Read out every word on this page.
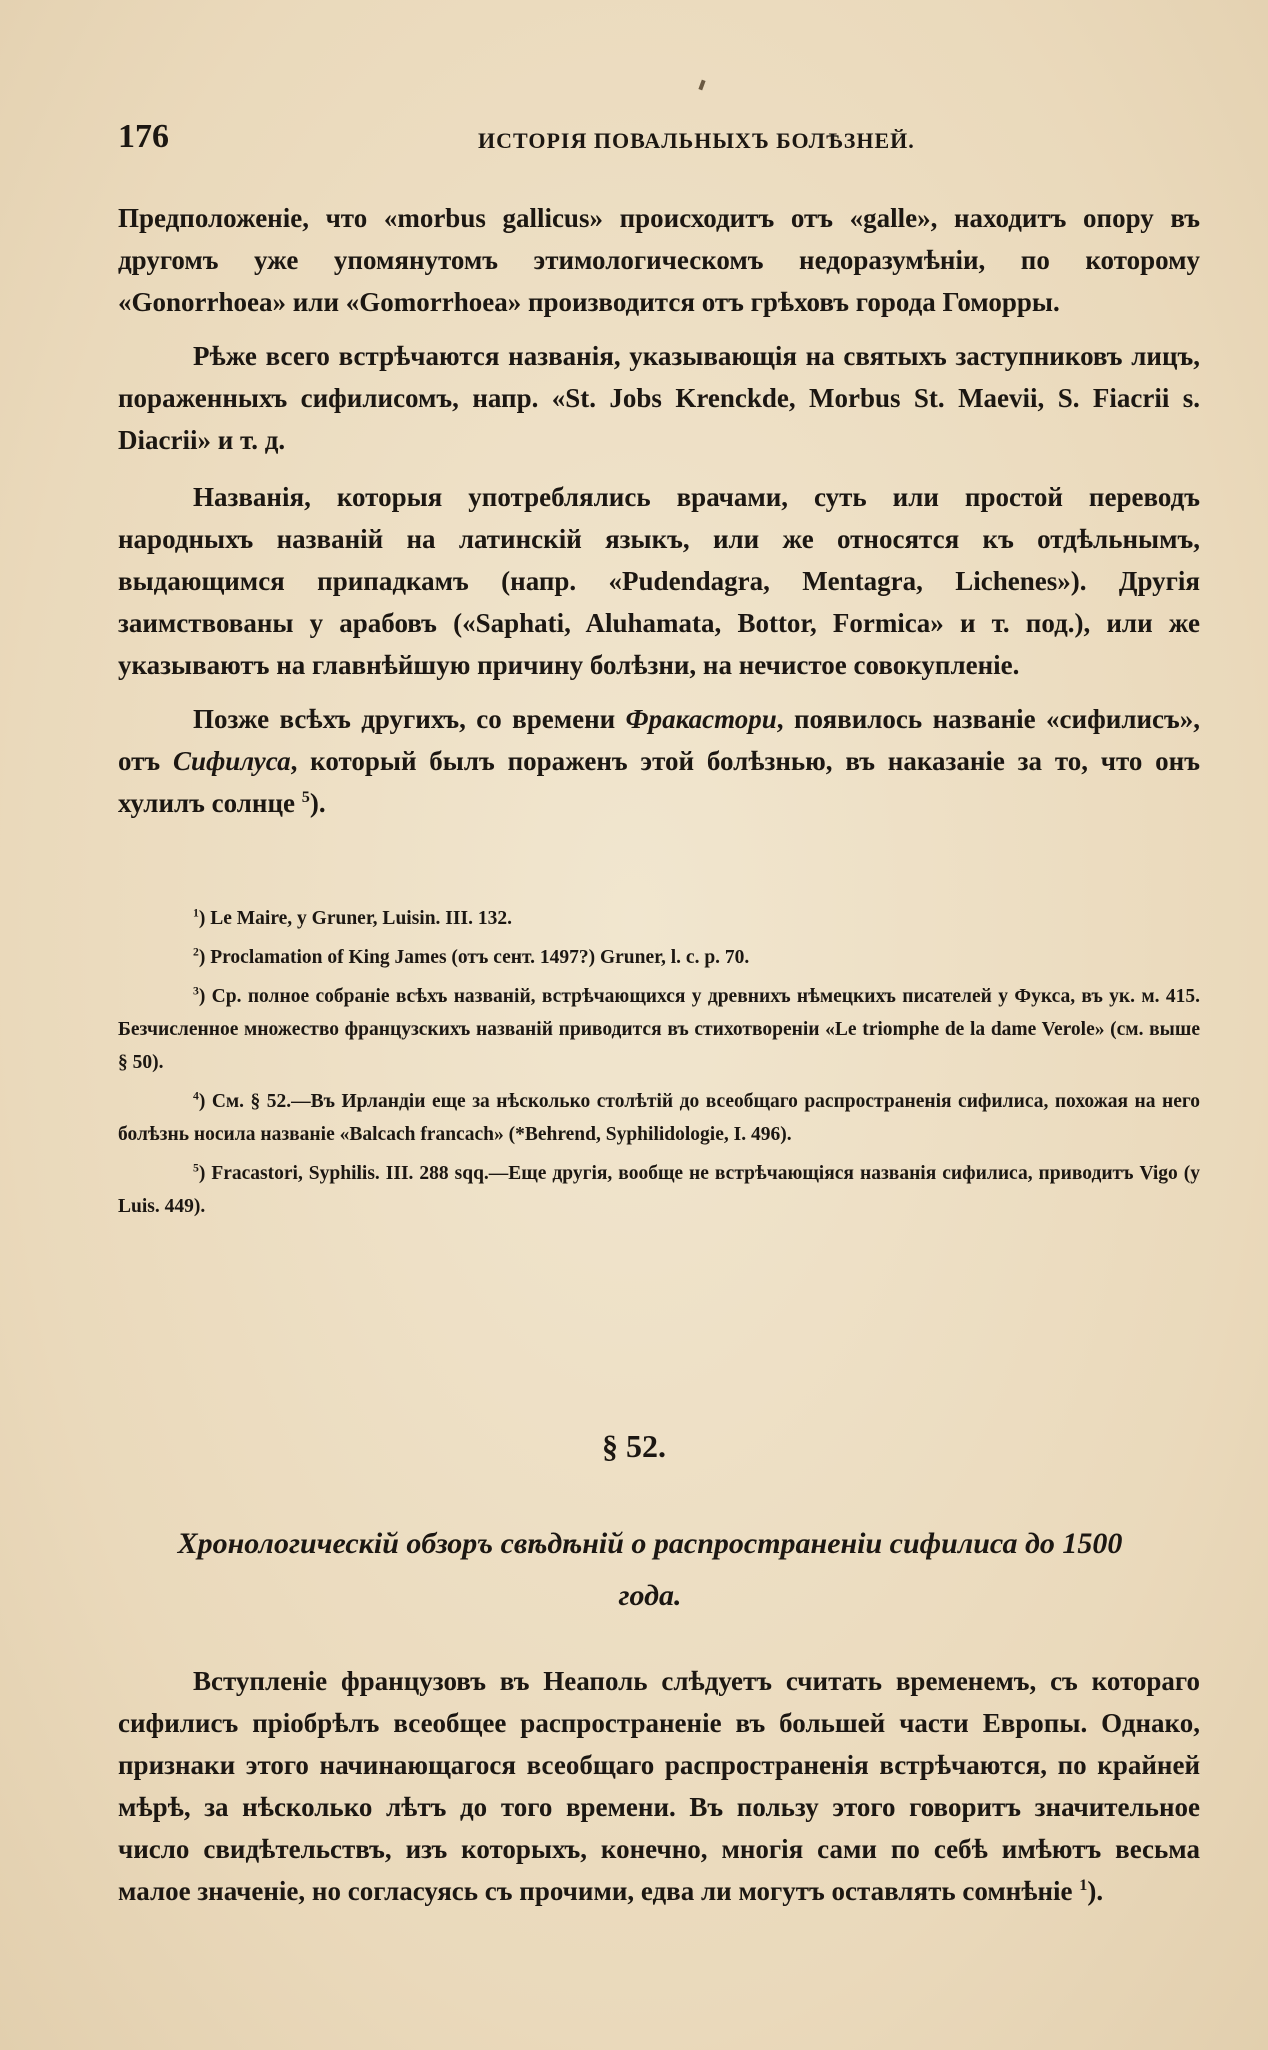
176	ИСТОРІЯ ПОВАЛЬНЫХЪ БОЛѢЗНЕЙ.

Предположеніе, что «morbus gallicus» происходитъ отъ «galle», находитъ опору въ другомъ уже упомянутомъ этимологическомъ недоразумѣніи, по которому «Gonorrhoea» или «Gomorrhoea» производится отъ грѣховъ города Гоморры.

Рѣже всего встрѣчаются названія, указывающія на святыхъ заступниковъ лицъ, пораженныхъ сифилисомъ, напр. «St. Jobs Krenckde, Morbus St. Maevii, S. Fiacrii s. Diacrii» и т. д.

Названія, которыя употреблялись врачами, суть или простой переводъ народныхъ названій на латинскій языкъ, или же относятся къ отдѣльнымъ, выдающимся припадкамъ (напр. «Pudendagra, Mentagra, Lichenes»). Другія заимствованы у арабовъ («Saphati, Aluhamata, Bottor, Formica» и т. под.), или же указываютъ на главнѣйшую причину болѣзни, на нечистое совокупленіе.

Позже всѣхъ другихъ, со времени Фракастори, появилось названіе «сифилисъ», отъ Сифилуса, который былъ пораженъ этой болѣзнью, въ наказаніе за то, что онъ хулилъ солнце $^5$).

$^1$) Le Maire, у Gruner, Luisin. III. 132.

$^2$) Proclamation of King James (отъ сент. 1497?) Gruner, l. c. p. 70.

$^3$) Ср. полное собраніе всѣхъ названій, встрѣчающихся у древнихъ нѣмецкихъ писателей у Фукса, въ ук. м. 415. Безчисленное множество французскихъ названій приводится въ стихотвореніи «Le triomphe de la dame Verole» (см. выше § 50).

$^4$) См. § 52.—Въ Ирландіи еще за нѣсколько столѣтій до всеобщаго распространенія сифилиса, похожая на него болѣзнь носила названіе «Balcach francach» (*Behrend, Syphilidologie, I. 496).

$^5$) Fracastori, Syphilis. III. 288 sqq.—Еще другія, вообще не встрѣчающіяся названія сифилиса, приводитъ Vigo (у Luis. 449).

§ 52.
Хронологическій обзоръ свѣдѣній о распространеніи сифилиса до 1500 года.

Вступленіе французовъ въ Неаполь слѣдуетъ считать временемъ, съ котораго сифилисъ пріобрѣлъ всеобщее распространеніе въ большей части Европы. Однако, признаки этого начинающагося всеобщаго распространенія встрѣчаются, по крайней мѣрѣ, за нѣсколько лѣтъ до того времени. Въ пользу этого говоритъ значительное число свидѣтельствъ, изъ которыхъ, конечно, многія сами по себѣ имѣютъ весьма малое значеніе, но согласуясь съ прочими, едва ли могутъ оставлять сомнѣніе $^1$).
